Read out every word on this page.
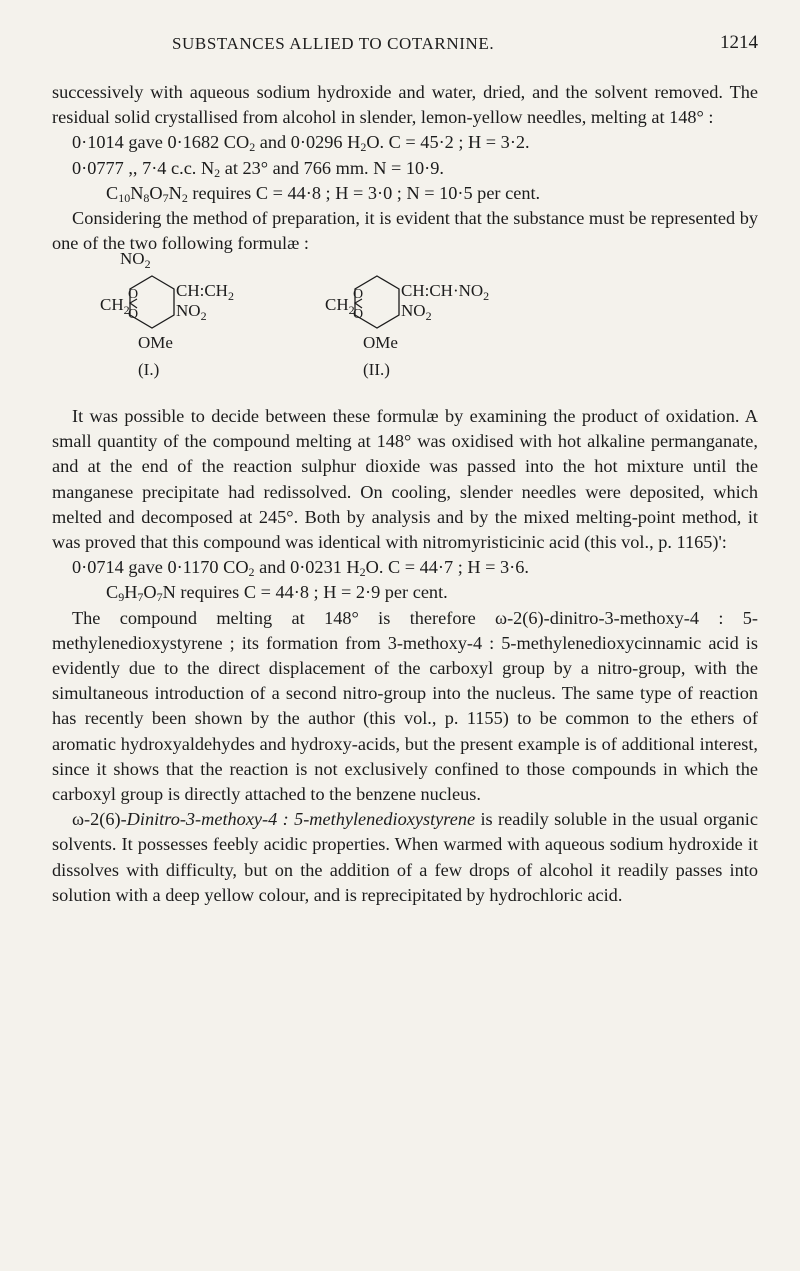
SUBSTANCES ALLIED TO COTARNINE.	1214

successively with aqueous sodium hydroxide and water, dried, and the solvent removed. The residual solid crystallised from alcohol in slender, lemon-yellow needles, melting at 148° :

0·1014 gave 0·1682 $CO_2$ and 0·0296 $H_2O$. C = 45·2 ; H = 3·2.
0·0777 ,, 7·4 c.c. $N_2$ at 23° and 766 mm. N = 10·9.
$C_{10}N_8O_7N_2$ requires C = 44·8 ; H = 3·0 ; N = 10·5 per cent.

Considering the method of preparation, it is evident that the substance must be represented by one of the two following formulæ :

$NO_2$
$CH_2$
O
O
$CH:CH_2$
$NO_2$
OMe
(I.)
$CH_2$
O
O
$CH:CH\cdot NO_2$
$NO_2$
OMe
(II.)

It was possible to decide between these formulæ by examining the product of oxidation. A small quantity of the compound melting at 148° was oxidised with hot alkaline permanganate, and at the end of the reaction sulphur dioxide was passed into the hot mixture until the manganese precipitate had redissolved. On cooling, slender needles were deposited, which melted and decomposed at 245°. Both by analysis and by the mixed melting-point method, it was proved that this compound was identical with nitromyristicinic acid (this vol., p. 1165)':

0·0714 gave 0·1170 $CO_2$ and 0·0231 $H_2O$. C = 44·7 ; H = 3·6.
$C_9H_7O_7N$ requires C = 44·8 ; H = 2·9 per cent.

The compound melting at 148° is therefore ω-2(6)-dinitro-3-methoxy-4 : 5-methylenedioxystyrene ; its formation from 3-methoxy-4 : 5-methylenedioxycinnamic acid is evidently due to the direct displacement of the carboxyl group by a nitro-group, with the simultaneous introduction of a second nitro-group into the nucleus. The same type of reaction has recently been shown by the author (this vol., p. 1155) to be common to the ethers of aromatic hydroxyaldehydes and hydroxy-acids, but the present example is of additional interest, since it shows that the reaction is not exclusively confined to those compounds in which the carboxyl group is directly attached to the benzene nucleus.

ω-2(6)-Dinitro-3-methoxy-4 : 5-methylenedioxystyrene is readily soluble in the usual organic solvents. It possesses feebly acidic properties. When warmed with aqueous sodium hydroxide it dissolves with difficulty, but on the addition of a few drops of alcohol it readily passes into solution with a deep yellow colour, and is reprecipitated by hydrochloric acid.
